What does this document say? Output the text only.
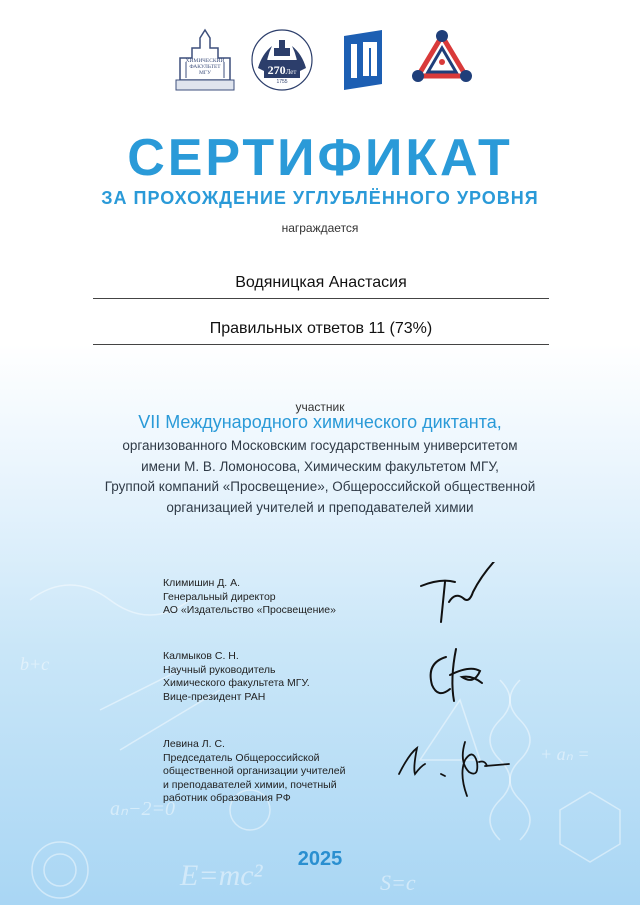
E=mc²
aₙ−2=0
S=c
+ aₙ =
b+c
ХИМИЧЕСКИЙ
ФАКУЛЬТЕТ
МГУ	270Лет
1755
СЕРТИФИКАТ
ЗА ПРОХОЖДЕНИЕ УГЛУБЛЁННОГО УРОВНЯ
награждается
Водяницкая Анастасия
Правильных ответов 11 (73%)
участник
VII Международного химического диктанта,
организованного Московским государственным университетом
имени М. В. Ломоносова, Химическим факультетом МГУ,
Группой компаний «Просвещение», Общероссийской общественной
организацией учителей и преподавателей химии
Климишин Д. А.
Генеральный директор
АО «Издательство «Просвещение»
Калмыков С. Н.
Научный руководитель
Химического факультета МГУ.
Вице-президент РАН
Левина Л. С.
Председатель Общероссийской
общественной организации учителей
и преподавателей химии, почетный
работник образования РФ
2025
